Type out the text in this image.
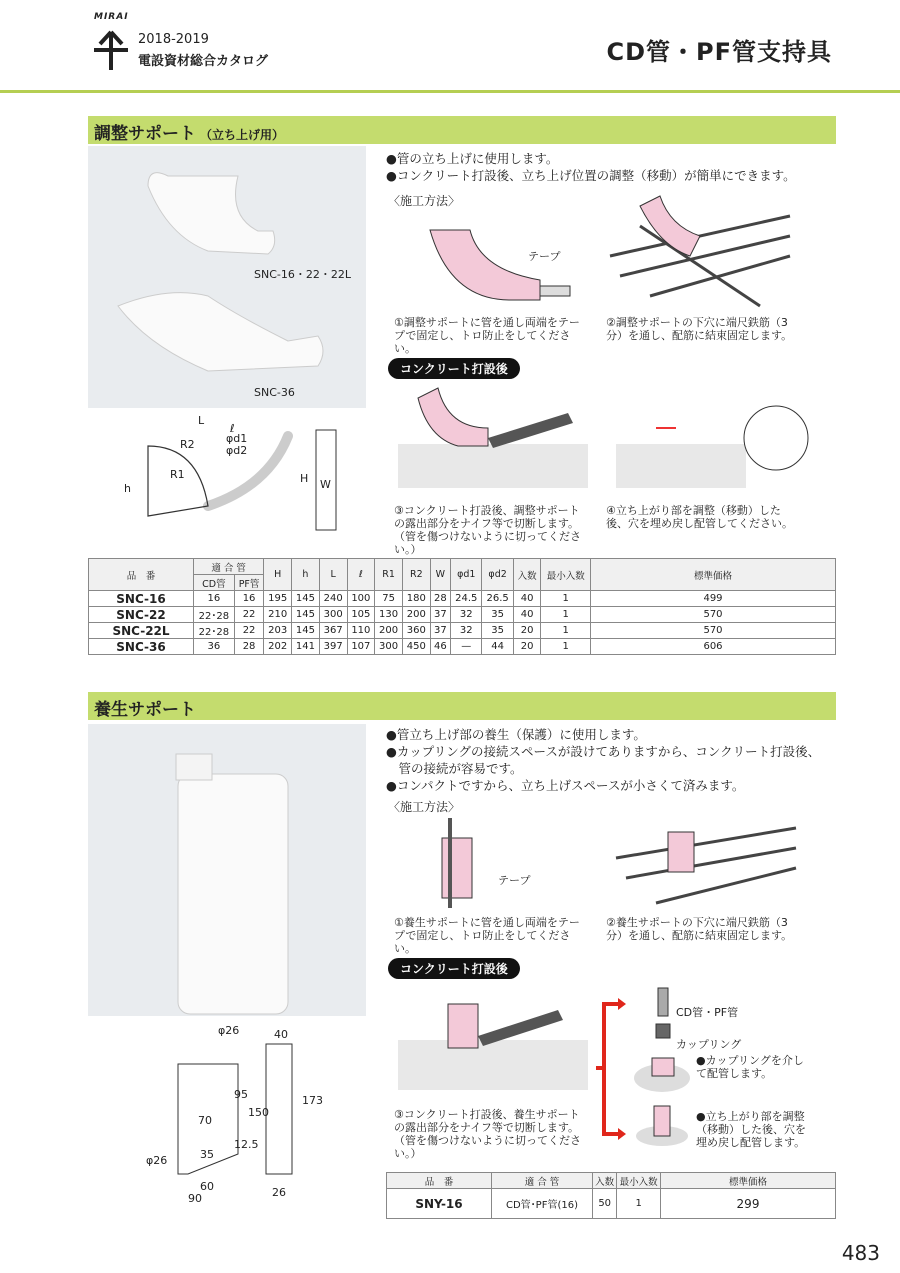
MIRAI
2018-2019
電設資材総合カタログ	CD管・PF管支持具
調整サポート （立ち上げ用）
SNC-16・22・22L
SNC-36
L
ℓ
φd1
φd2
R2
R1
h
H W
●管の立ち上げに使用します。
●コンクリート打設後、立ち上げ位置の調整（移動）が簡単にできます。
〈施工方法〉
テープ
①調整サポートに管を通し両端をテープで固定し、トロ防止をしてください。
②調整サポートの下穴に端尺鉄筋（3分）を通し、配筋に結束固定します。
コンクリート打設後
③コンクリート打設後、調整サポートの露出部分をナイフ等で切断します。（管を傷つけないように切ってください。）
④立ち上がり部を調整（移動）した後、穴を埋め戻し配管してください。
品　番	適 合 管		H	h	L	ℓ	R1	R2	W	φd1	φd2	入数	最小入数	標準価格
	CD管	PF管												
SNC-16	16	16	195	145	240	100	75	180	28	24.5	26.5	40	1	499
SNC-22	22･28	22	210	145	300	105	130	200	37	32	35	40	1	570
SNC-22L	22･28	22	203	145	367	110	200	360	37	32	35	20	1	570
SNC-36	36	28	202	141	397	107	300	450	46	—	44	20	1	606
養生サポート
φ26	40
95
150
173
70
35
12.5
φ26
60
90	26
●管立ち上げ部の養生（保護）に使用します。
●カップリングの接続スペースが設けてありますから、コンクリート打設後、
　管の接続が容易です。
●コンパクトですから、立ち上げスペースが小さくて済みます。
〈施工方法〉
テープ
①養生サポートに管を通し両端をテープで固定し、トロ防止をしてください。
②養生サポートの下穴に端尺鉄筋（3分）を通し、配筋に結束固定します。
コンクリート打設後
CD管・PF管
カップリング
●カップリングを介して配管します。
●立ち上がり部を調整（移動）した後、穴を埋め戻し配管します。
③コンクリート打設後、養生サポートの露出部分をナイフ等で切断します。（管を傷つけないように切ってください。）
品　番	適 合 管	入数	最小入数	標準価格
SNY-16	CD管･PF管(16)	50	1	299
483
